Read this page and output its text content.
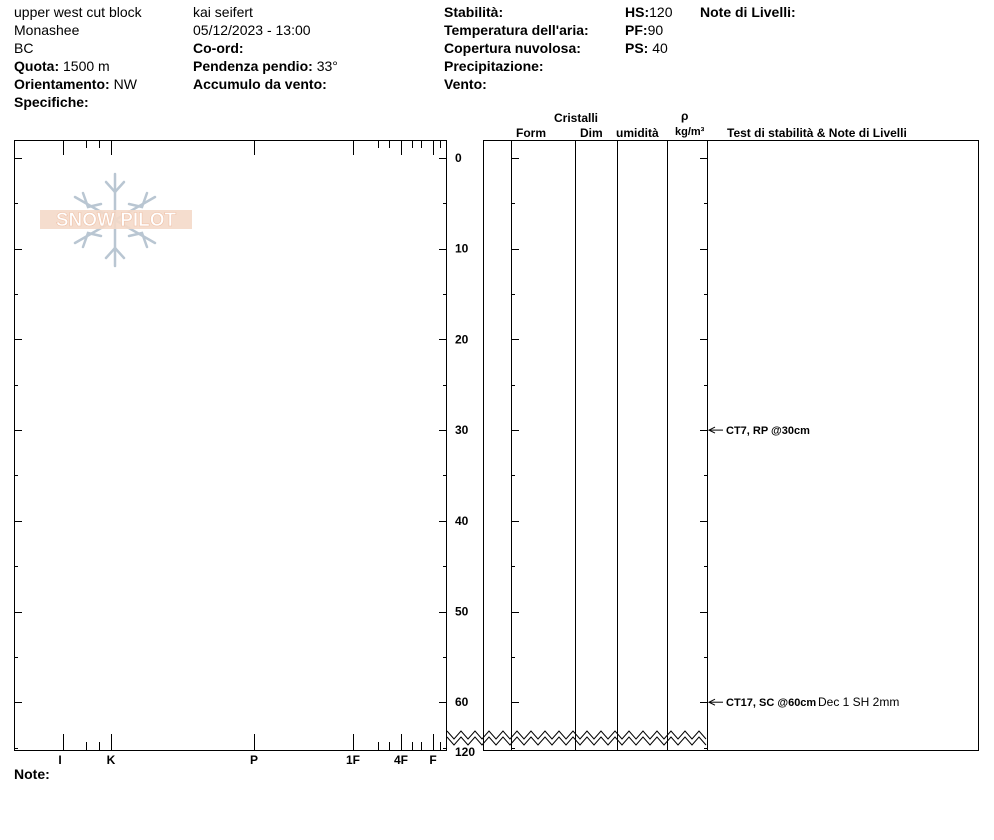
upper west cut block
Monashee
BC
Quota: 1500 m
Orientamento: NW
Specifiche:
kai seifert
05/12/2023 - 13:00
Co-ord:
Pendenza pendio: 33°
Accumulo da vento:
Stabilità:
Temperatura dell'aria:
Copertura nuvolosa:
Precipitazione:
Vento:
HS:120
PF:90
PS: 40
Note di Livelli:
Cristalli
Form	Dim umidità
ρ
kg/m³ Test di stabilità & Note di Livelli
SNOW PILOT
0
10
20
30
40
50
60
120
I	K	P	1F	4F F
CT7, RP @30cm
CT17, SC @60cm Dec 1 SH 2mm
Note:
